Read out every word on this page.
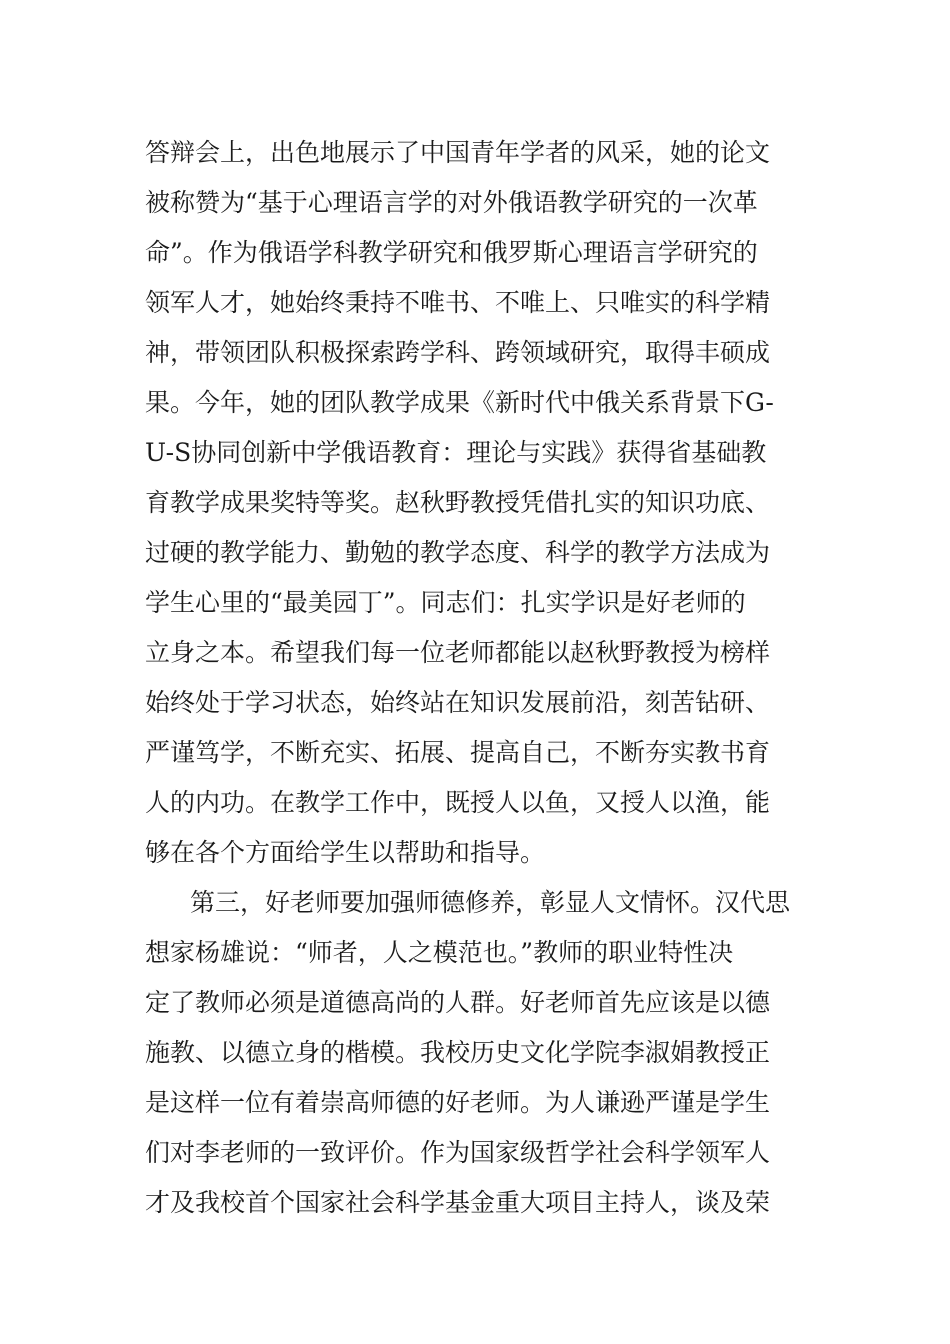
答辩会上，出色地展示了中国青年学者的风采，她的论文
被称赞为“基于心理语言学的对外俄语教学研究的一次革
命”。作为俄语学科教学研究和俄罗斯心理语言学研究的
领军人才，她始终秉持不唯书、不唯上、只唯实的科学精
神，带领团队积极探索跨学科、跨领域研究，取得丰硕成
果。今年，她的团队教学成果《新时代中俄关系背景下G-
U-S协同创新中学俄语教育：理论与实践》获得省基础教
育教学成果奖特等奖。赵秋野教授凭借扎实的知识功底、
过硬的教学能力、勤勉的教学态度、科学的教学方法成为
学生心里的“最美园丁”。同志们：扎实学识是好老师的
立身之本。希望我们每一位老师都能以赵秋野教授为榜样
始终处于学习状态，始终站在知识发展前沿，刻苦钻研、
严谨笃学，不断充实、拓展、提高自己，不断夯实教书育
人的内功。在教学工作中，既授人以鱼，又授人以渔，能
够在各个方面给学生以帮助和指导。
第三，好老师要加强师德修养，彰显人文情怀。汉代思
想家杨雄说：“师者，人之模范也。”教师的职业特性决
定了教师必须是道德高尚的人群。好老师首先应该是以德
施教、以德立身的楷模。我校历史文化学院李淑娟教授正
是这样一位有着崇高师德的好老师。为人谦逊严谨是学生
们对李老师的一致评价。作为国家级哲学社会科学领军人
才及我校首个国家社会科学基金重大项目主持人，谈及荣
